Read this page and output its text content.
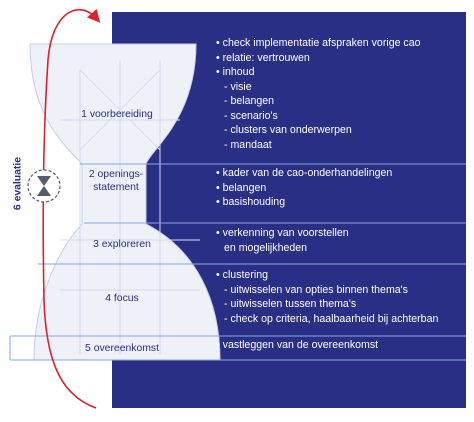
6 evaluatie
1 voorbereiding
2 openings-
statement
3 exploreren
4 focus
5 overeenkomst
• check implementatie afspraken vorige cao
• relatie: vertrouwen
• inhoud
- visie
- belangen
- scenario's
- clusters van onderwerpen
- mandaat
• kader van de cao-onderhandelingen
• belangen
• basishouding
• verkenning van voorstellen
en mogelijkheden
• clustering
- uitwisselen van opties binnen thema's
- uitwisselen tussen thema's
- check op criteria, haalbaarheid bij achterban
• vastleggen van de overeenkomst
